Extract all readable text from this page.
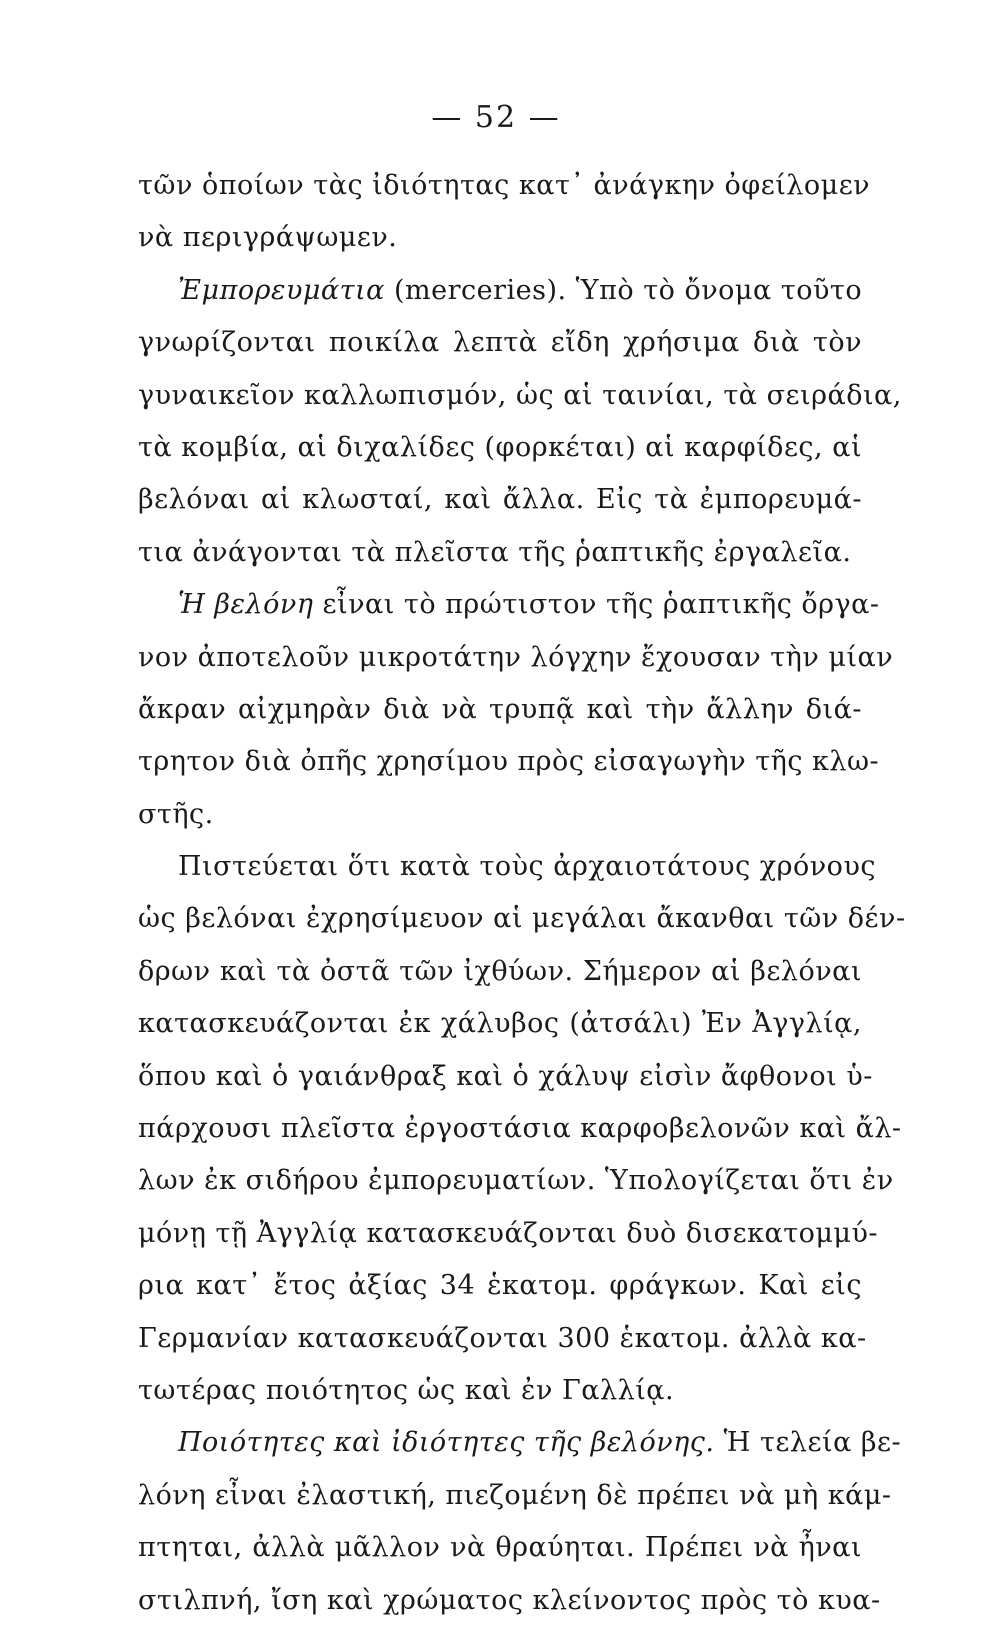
— 52 —
τῶν ὁποίων τὰς ἰδιότητας κατ᾽ ἀνάγκην ὀφείλομεν
νὰ περιγράψωμεν.
Ἐμπορευμάτια (merceries). Ὑπὸ τὸ ὄνομα τοῦτο
γνωρίζονται ποικίλα λεπτὰ εἴδη χρήσιμα διὰ τὸν
γυναικεῖον καλλωπισμόν, ὡς αἱ ταινίαι, τὰ σειράδια,
τὰ κομβία, αἱ διχαλίδες (φορκέται) αἱ καρφίδες, αἱ
βελόναι αἱ κλωσταί, καὶ ἄλλα. Εἰς τὰ ἐμπορευμά-
τια ἀνάγονται τὰ πλεῖστα τῆς ῥαπτικῆς ἐργαλεῖα.
Ἡ βελόνη εἶναι τὸ πρώτιστον τῆς ῥαπτικῆς ὄργα-
νον ἀποτελοῦν μικροτάτην λόγχην ἔχουσαν τὴν μίαν
ἄκραν αἰχμηρὰν διὰ νὰ τρυπᾷ καὶ τὴν ἄλλην διά-
τρητον διὰ ὀπῆς χρησίμου πρὸς εἰσαγωγὴν τῆς κλω-
στῆς.
Πιστεύεται ὅτι κατὰ τοὺς ἀρχαιοτάτους χρόνους
ὡς βελόναι ἐχρησίμευον αἱ μεγάλαι ἄκανθαι τῶν δέν-
δρων καὶ τὰ ὀστᾶ τῶν ἰχθύων. Σήμερον αἱ βελόναι
κατασκευάζονται ἐκ χάλυβος (ἀτσάλι) Ἐν Ἀγγλίᾳ,
ὅπου καὶ ὁ γαιάνθραξ καὶ ὁ χάλυψ εἰσὶν ἄφθονοι ὑ-
πάρχουσι πλεῖστα ἐργοστάσια καρφοβελονῶν καὶ ἄλ-
λων ἐκ σιδήρου ἐμπορευματίων. Ὑπολογίζεται ὅτι ἐν
μόνῃ τῇ Ἀγγλίᾳ κατασκευάζονται δυὸ δισεκατομμύ-
ρια κατ᾽ ἔτος ἀξίας 34 ἑκατομ. φράγκων. Καὶ εἰς
Γερμανίαν κατασκευάζονται 300 ἑκατομ. ἀλλὰ κα-
τωτέρας ποιότητος ὡς καὶ ἐν Γαλλίᾳ.
Ποιότητες καὶ ἰδιότητες τῆς βελόνης. Ἡ τελεία βε-
λόνη εἶναι ἐλαστική, πιεζομένη δὲ πρέπει νὰ μὴ κάμ-
πτηται, ἀλλὰ μᾶλλον νὰ θραύηται. Πρέπει νὰ ἦναι
στιλπνή, ἴση καὶ χρώματος κλείνοντος πρὸς τὸ κυα-
